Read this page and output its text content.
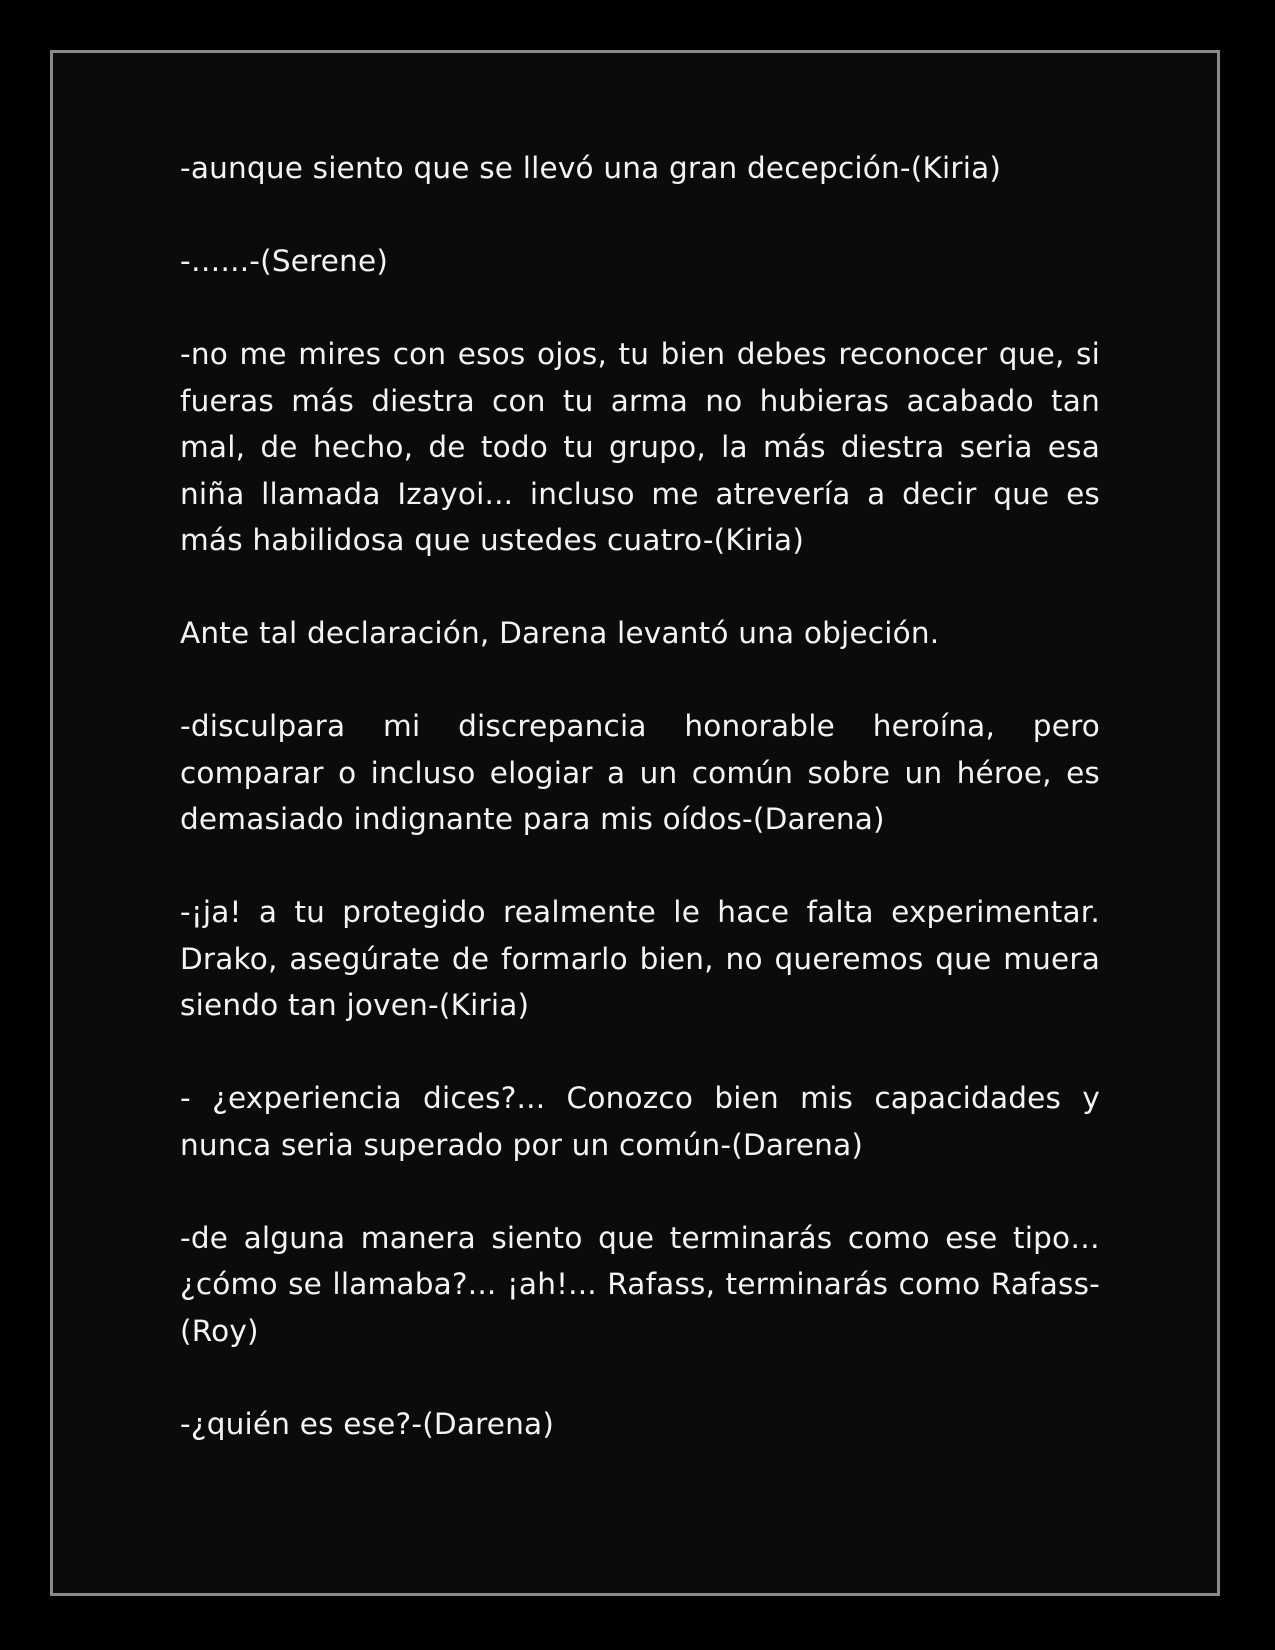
-aunque siento que se llevó una gran decepción-(Kiria)

-…...-(Serene)

-no me mires con esos ojos, tu bien debes reconocer que, si fueras más diestra con tu arma no hubieras acabado tan mal, de hecho, de todo tu grupo, la más diestra seria esa niña llamada Izayoi... incluso me atrevería a decir que es más habilidosa que ustedes cuatro-(Kiria)

Ante tal declaración, Darena levantó una objeción.

-disculpara mi discrepancia honorable heroína, pero comparar o incluso elogiar a un común sobre un héroe, es demasiado indignante para mis oídos-(Darena)

-¡ja! a tu protegido realmente le hace falta experimentar. Drako, asegúrate de formarlo bien, no queremos que muera siendo tan joven-(Kiria)

- ¿experiencia dices?... Conozco bien mis capacidades y nunca seria superado por un común-(Darena)

-de alguna manera siento que terminarás como ese tipo… ¿cómo se llamaba?... ¡ah!... Rafass, terminarás como Rafass-(Roy)

-¿quién es ese?-(Darena)
